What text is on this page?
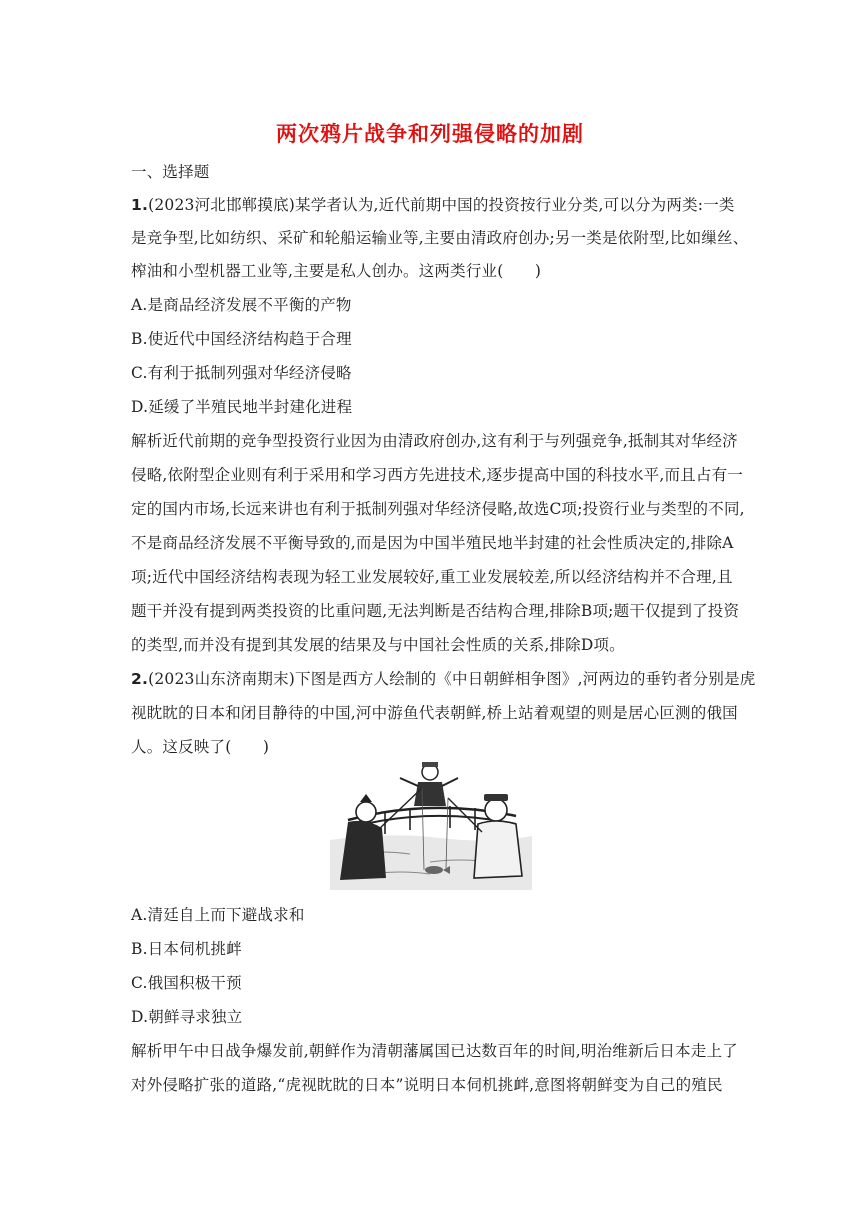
两次鸦片战争和列强侵略的加剧
一、选择题
1.(2023河北邯郸摸底)某学者认为,近代前期中国的投资按行业分类,可以分为两类:一类
是竞争型,比如纺织、采矿和轮船运输业等,主要由清政府创办;另一类是依附型,比如缫丝、
榨油和小型机器工业等,主要是私人创办。这两类行业(　　)
A.是商品经济发展不平衡的产物
B.使近代中国经济结构趋于合理
C.有利于抵制列强对华经济侵略
D.延缓了半殖民地半封建化进程
解析近代前期的竞争型投资行业因为由清政府创办,这有利于与列强竞争,抵制其对华经济
侵略,依附型企业则有利于采用和学习西方先进技术,逐步提高中国的科技水平,而且占有一
定的国内市场,长远来讲也有利于抵制列强对华经济侵略,故选C项;投资行业与类型的不同,
不是商品经济发展不平衡导致的,而是因为中国半殖民地半封建的社会性质决定的,排除A
项;近代中国经济结构表现为轻工业发展较好,重工业发展较差,所以经济结构并不合理,且
题干并没有提到两类投资的比重问题,无法判断是否结构合理,排除B项;题干仅提到了投资
的类型,而并没有提到其发展的结果及与中国社会性质的关系,排除D项。
2.(2023山东济南期末)下图是西方人绘制的《中日朝鲜相争图》,河两边的垂钓者分别是虎
视眈眈的日本和闭目静待的中国,河中游鱼代表朝鲜,桥上站着观望的则是居心叵测的俄国
人。这反映了(　　)
A.清廷自上而下避战求和
B.日本伺机挑衅
C.俄国积极干预
D.朝鲜寻求独立
解析甲午中日战争爆发前,朝鲜作为清朝藩属国已达数百年的时间,明治维新后日本走上了
对外侵略扩张的道路,“虎视眈眈的日本”说明日本伺机挑衅,意图将朝鲜变为自己的殖民
